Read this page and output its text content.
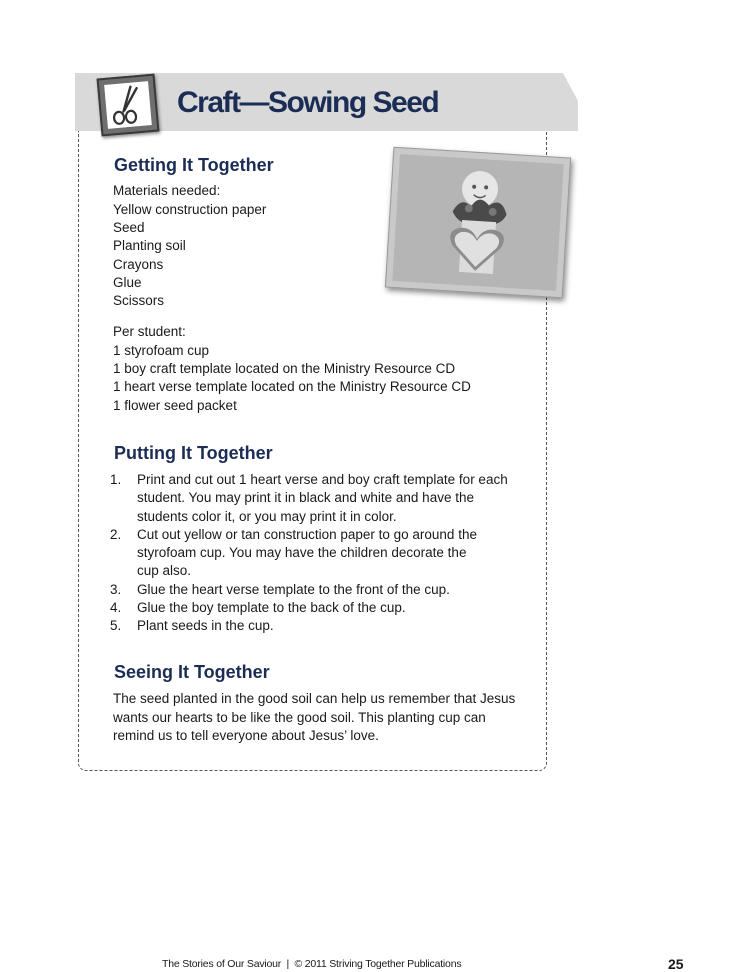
Craft—Sowing Seed
Getting It Together

Materials needed:

Yellow construction paper

Seed

Planting soil

Crayons

Glue

Scissors

Per student:

1 styrofoam cup

1 boy craft template located on the Ministry Resource CD

1 heart verse template located on the Ministry Resource CD

1 flower seed packet

Putting It Together
1. Print and cut out 1 heart verse and boy craft template for each
student. You may print it in black and white and have the
students color it, or you may print it in color.
2. Cut out yellow or tan construction paper to go around the
styrofoam cup. You may have the children decorate the
cup also.
3. Glue the heart verse template to the front of the cup.
4. Glue the boy template to the back of the cup.
5. Plant seeds in the cup.
Seeing It Together

The seed planted in the good soil can help us remember that Jesus

wants our hearts to be like the good soil. This planting cup can

remind us to tell everyone about Jesus’ love.

The Stories of Our Saviour  |  © 2011 Striving Together Publications	25
